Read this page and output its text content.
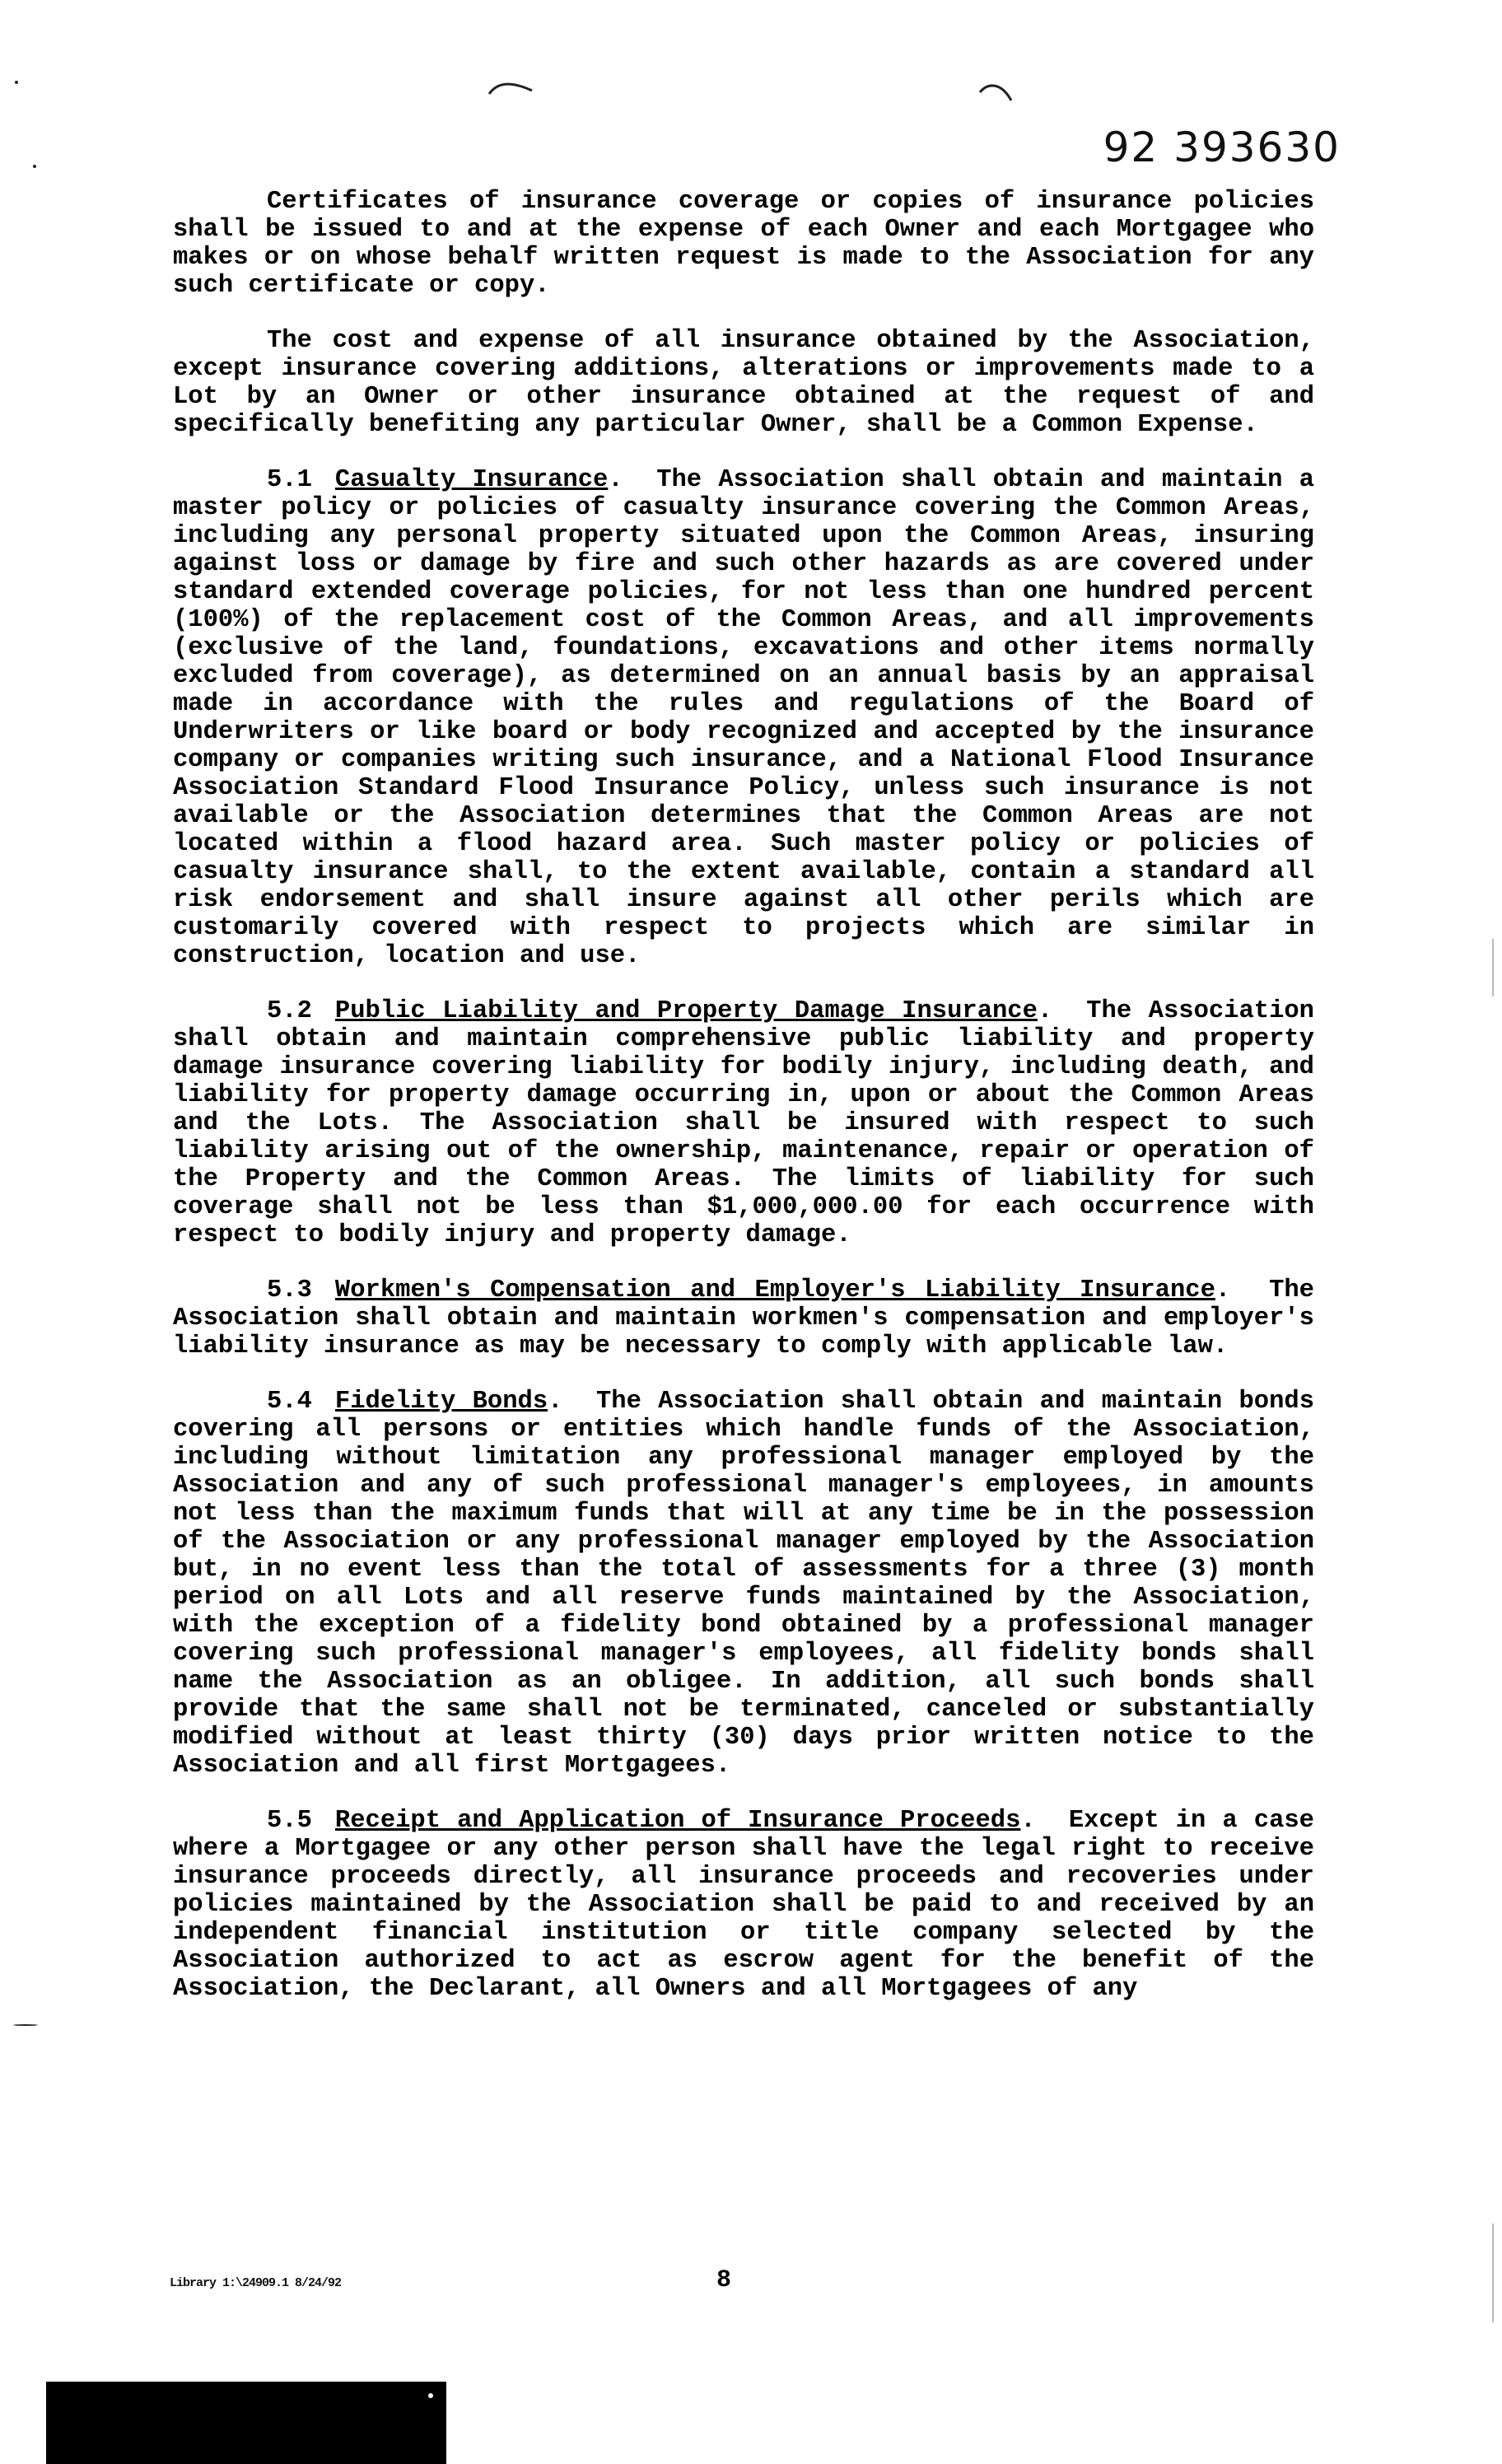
92 393630

Certificates of insurance coverage or copies of insurance policies shall be issued to and at the expense of each Owner and each Mortgagee who makes or on whose behalf written request is made to the Association for any such certificate or copy.

The cost and expense of all insurance obtained by the Association, except insurance covering additions, alterations or improvements made to a Lot by an Owner or other insurance obtained at the request of and specifically benefiting any particular Owner, shall be a Common Expense.

5.1 Casualty Insurance.  The Association shall obtain and maintain a master policy or policies of casualty insurance covering the Common Areas, including any personal property situated upon the Common Areas, insuring against loss or damage by fire and such other hazards as are covered under standard extended coverage policies, for not less than one hundred percent (100%) of the replacement cost of the Common Areas, and all improvements (exclusive of the land, foundations, excavations and other items normally excluded from coverage), as determined on an annual basis by an appraisal made in accordance with the rules and regulations of the Board of Underwriters or like board or body recognized and accepted by the insurance company or companies writing such insurance, and a National Flood Insurance Association Standard Flood Insurance Policy, unless such insurance is not available or the Association determines that the Common Areas are not located within a flood hazard area. Such master policy or policies of casualty insurance shall, to the extent available, contain a standard all risk endorsement and shall insure against all other perils which are customarily covered with respect to projects which are similar in construction, location and use.

5.2 Public Liability and Property Damage Insurance.  The Association shall obtain and maintain comprehensive public liability and property damage insurance covering liability for bodily injury, including death, and liability for property damage occurring in, upon or about the Common Areas and the Lots. The Association shall be insured with respect to such liability arising out of the ownership, maintenance, repair or operation of the Property and the Common Areas. The limits of liability for such coverage shall not be less than $1,000,000.00 for each occurrence with respect to bodily injury and property damage.

5.3 Workmen's Compensation and Employer's Liability Insurance.  The Association shall obtain and maintain workmen's compensation and employer's liability insurance as may be necessary to comply with applicable law.

5.4 Fidelity Bonds.  The Association shall obtain and maintain bonds covering all persons or entities which handle funds of the Association, including without limitation any professional manager employed by the Association and any of such professional manager's employees, in amounts not less than the maximum funds that will at any time be in the possession of the Association or any professional manager employed by the Association but, in no event less than the total of assessments for a three (3) month period on all Lots and all reserve funds maintained by the Association, with the exception of a fidelity bond obtained by a professional manager covering such professional manager's employees, all fidelity bonds shall name the Association as an obligee. In addition, all such bonds shall provide that the same shall not be terminated, canceled or substantially modified without at least thirty (30) days prior written notice to the Association and all first Mortgagees.

5.5 Receipt and Application of Insurance Proceeds.  Except in a case where a Mortgagee or any other person shall have the legal right to receive insurance proceeds directly, all insurance proceeds and recoveries under policies maintained by the Association shall be paid to and received by an independent financial institution or title company selected by the Association authorized to act as escrow agent for the benefit of the Association, the Declarant, all Owners and all Mortgagees of any

Library 1:\24909.1 8/24/92	8
